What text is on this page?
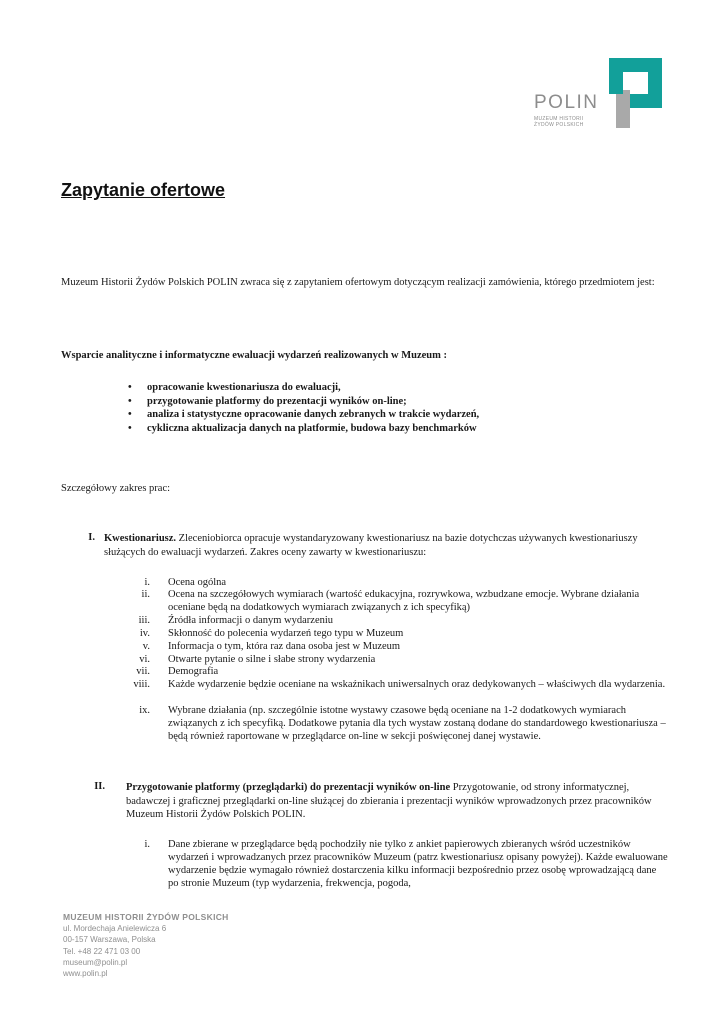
POLIN
MUZEUM HISTORII
ŻYDÓW POLSKICH
Zapytanie ofertowe

Muzeum Historii Żydów Polskich POLIN zwraca się z zapytaniem ofertowym dotyczącym realizacji zamówienia, którego przedmiotem jest:

Wsparcie analityczne i informatyczne ewaluacji wydarzeń realizowanych w Muzeum :

• opracowanie kwestionariusza do ewaluacji,
• przygotowanie platformy do prezentacji wyników on-line;
• analiza i statystyczne opracowanie danych zebranych w trakcie wydarzeń,
• cykliczna aktualizacja danych na platformie, budowa bazy benchmarków

Szczegółowy zakres prac:

I. Kwestionariusz. Zleceniobiorca opracuje wystandaryzowany kwestionariusz na bazie dotychczas używanych kwestionariuszy służących do ewaluacji wydarzeń. Zakres oceny zawarty w kwestionariuszu:

i. Ocena ogólna

ii. Ocena na szczegółowych wymiarach (wartość edukacyjna, rozrywkowa, wzbudzane emocje. Wybrane działania oceniane będą na dodatkowych wymiarach związanych z ich specyfiką)

iii. Źródła informacji o danym wydarzeniu

iv. Skłonność do polecenia wydarzeń tego typu w Muzeum

v. Informacja o tym, która raz dana osoba jest w Muzeum

vi. Otwarte pytanie o silne i słabe strony wydarzenia

vii. Demografia

viii. Każde wydarzenie będzie oceniane na wskaźnikach uniwersalnych oraz dedykowanych – właściwych dla wydarzenia.

ix. Wybrane działania (np. szczególnie istotne wystawy czasowe będą oceniane na 1-2 dodatkowych wymiarach związanych z ich specyfiką. Dodatkowe pytania dla tych wystaw zostaną dodane do standardowego kwestionariusza – będą również raportowane w przeglądarce on-line w sekcji poświęconej danej wystawie.

II. Przygotowanie platformy (przeglądarki) do prezentacji wyników on-line Przygotowanie, od strony informatycznej, badawczej i graficznej przeglądarki on-line służącej do zbierania i prezentacji wyników wprowadzonych przez pracowników Muzeum Historii Żydów Polskich POLIN.

i. Dane zbierane w przeglądarce będą pochodziły nie tylko z ankiet papierowych zbieranych wśród uczestników wydarzeń i wprowadzanych przez pracowników Muzeum (patrz kwestionariusz opisany powyżej). Każde ewaluowane wydarzenie będzie wymagało również dostarczenia kilku informacji bezpośrednio przez osobę wprowadzającą dane po stronie Muzeum (typ wydarzenia, frekwencja, pogoda,

MUZEUM HISTORII ŻYDÓW POLSKICH
ul. Mordechaja Anielewicza 6
00-157 Warszawa, Polska
Tel. +48 22 471 03 00
museum@polin.pl
www.polin.pl
